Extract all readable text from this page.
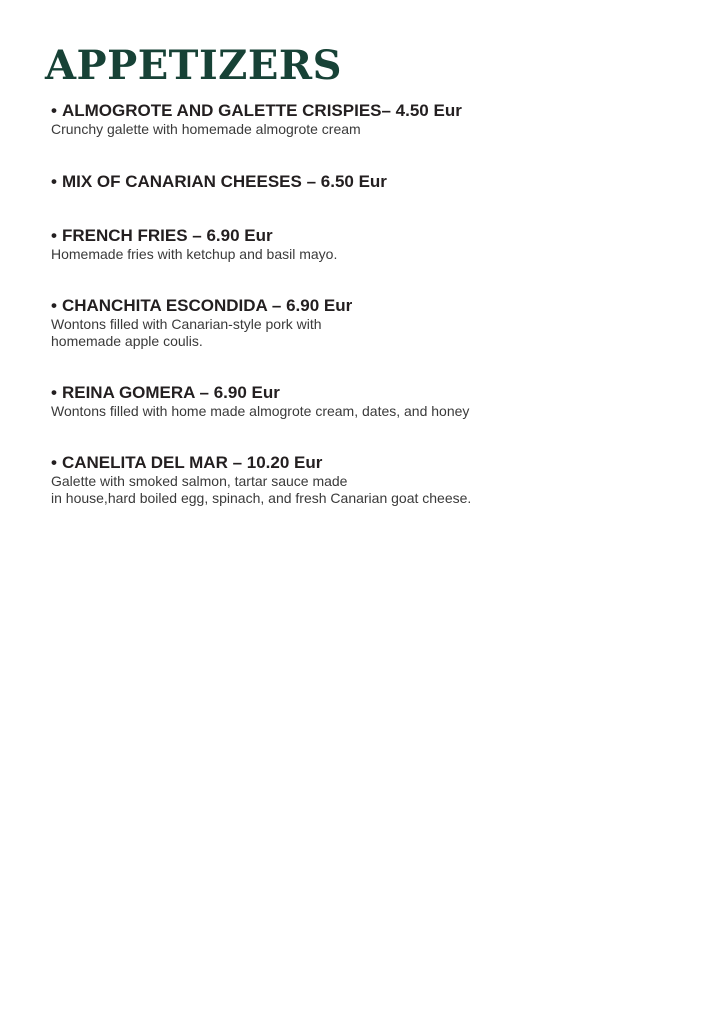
APPETIZERS
• ALMOGROTE AND GALETTE CRISPIES– 4.50 Eur
Crunchy galette with homemade almogrote cream
• MIX OF CANARIAN CHEESES – 6.50 Eur
• FRENCH FRIES – 6.90 Eur
Homemade fries with ketchup and basil mayo.
• CHANCHITA ESCONDIDA – 6.90 Eur
Wontons filled with Canarian-style pork with
homemade apple coulis.
• REINA GOMERA – 6.90 Eur
Wontons filled with home made almogrote cream, dates, and honey
• CANELITA DEL MAR – 10.20 Eur
Galette with smoked salmon, tartar sauce made
in house,hard boiled egg, spinach, and fresh Canarian goat cheese.
